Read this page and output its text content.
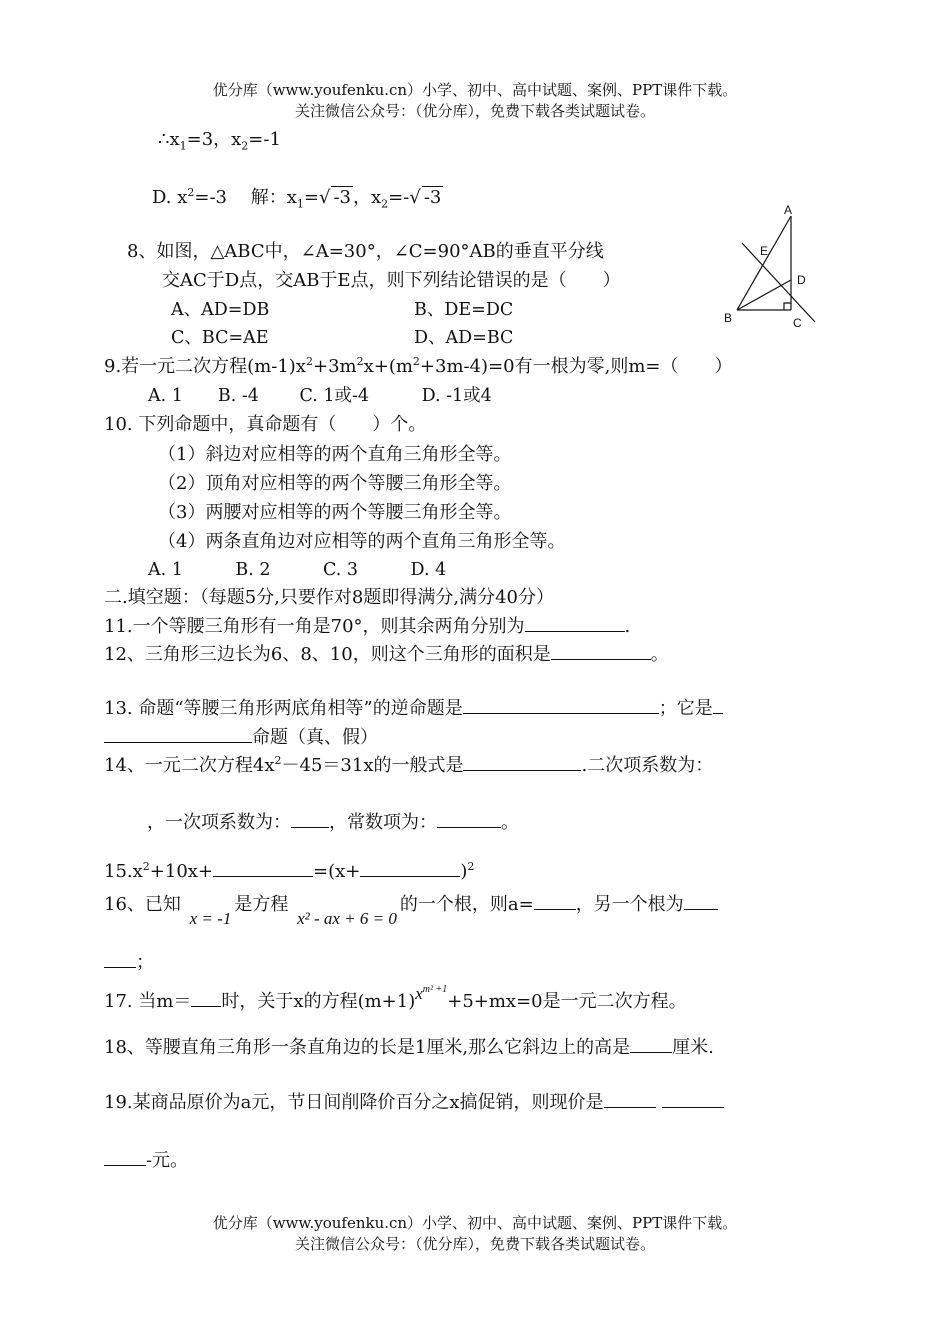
优分库（www.youfenku.cn）小学、初中、高中试题、案例、PPT课件下载。
关注微信公众号：（优分库），免费下载各类试题试卷。
$\therefore x_1=3$，$x_2=-1$
D. $x^2=-3$　 解：$x_1=√$ -3 ，$x_2=-√$ -3
8、如图，△ABC中，∠A=30°，∠C=90°AB的垂直平分线
交AC于D点，交AB于E点，则下列结论错误的是（　　）
A、AD=DB	B、DE=DC
C、BC=AE	D、AD=BC
A
E
D
B	C
9.若一元二次方程$(m-1)x^2+3m^2x+(m^2+3m-4)=0$有一根为零,则m=（　　）
A. 1　　B. -4　　 C. 1或-4　　　D. -1或4
10. 下列命题中，真命题有（　　）个。
（1）斜边对应相等的两个直角三角形全等。
（2）顶角对应相等的两个等腰三角形全等。
（3）两腰对应相等的两个等腰三角形全等。
（4）两条直角边对应相等的两个直角三角形全等。
A. 1　　　B. 2　　　C. 3　　　D. 4
二.填空题：（每题5分,只要作对8题即得满分,满分40分）
11.一个等腰三角形有一角是70°，则其余两角分别为	.
12、三角形三边长为6、8、10，则这个三角形的面积是	。
13. 命题“等腰三角形两底角相等”的逆命题是	；它是
命题（真、假）
14、一元二次方程$4x^2-45=31x$的一般式是	.二次项系数为：
，一次项系数为： ，常数项为：	。
$15.x^2+10x+$	=(x+	)$^2$
16、已知 x = -1是方程 x² - ax + 6 = 0的一个根，则a= ，另一个根为
；
17. 当m＝ 时，关于x的方程$(m+1)x^{m^2 +1}+5+mx=0$是一元二次方程。
18、等腰直角三角形一条直角边的长是1厘米,那么它斜边上的高是 厘米.
19.某商品原价为a元，节日间削降价百分之x搞促销，则现价是
-元。
优分库（www.youfenku.cn）小学、初中、高中试题、案例、PPT课件下载。
关注微信公众号：（优分库），免费下载各类试题试卷。
